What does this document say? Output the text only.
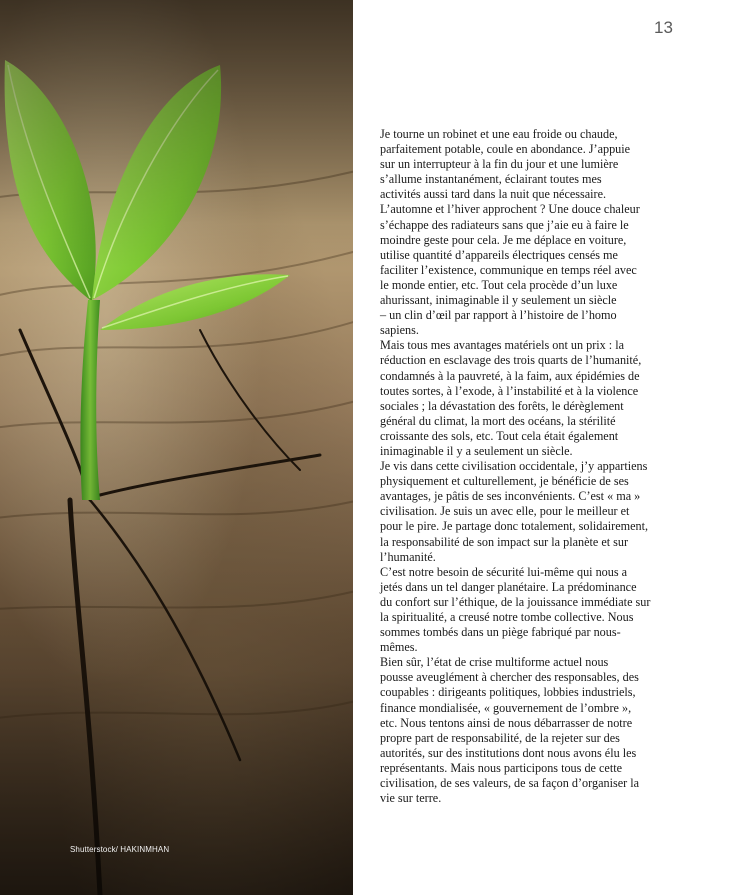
Shutterstock/ HAKINMHAN
13

Je tourne un robinet et une eau froide ou chaude,
parfaitement potable, coule en abondance. J’appuie
sur un interrupteur à la fin du jour et une lumière
s’allume instantanément, éclairant toutes mes
activités aussi tard dans la nuit que nécessaire.
L’automne et l’hiver approchent ? Une douce chaleur
s’échappe des radiateurs sans que j’aie eu à faire le
moindre geste pour cela. Je me déplace en voiture,
utilise quantité d’appareils électriques censés me
faciliter l’existence, communique en temps réel avec
le monde entier, etc. Tout cela procède d’un luxe
ahurissant, inimaginable il y seulement un siècle
– un clin d’œil par rapport à l’histoire de l’homo
sapiens.

Mais tous mes avantages matériels ont un prix : la
réduction en esclavage des trois quarts de l’humanité,
condamnés à la pauvreté, à la faim, aux épidémies de
toutes sortes, à l’exode, à l’instabilité et à la violence
sociales ; la dévastation des forêts, le dérèglement
général du climat, la mort des océans, la stérilité
croissante des sols, etc. Tout cela était également
inimaginable il y a seulement un siècle.

Je vis dans cette civilisation occidentale, j’y appartiens
physiquement et culturellement, je bénéficie de ses
avantages, je pâtis de ses inconvénients. C’est « ma »
civilisation. Je suis un avec elle, pour le meilleur et
pour le pire. Je partage donc totalement, solidairement,
la responsabilité de son impact sur la planète et sur
l’humanité.

C’est notre besoin de sécurité lui-même qui nous a
jetés dans un tel danger planétaire. La prédominance
du confort sur l’éthique, de la jouissance immédiate sur
la spiritualité, a creusé notre tombe collective. Nous
sommes tombés dans un piège fabriqué par nous-
mêmes.

Bien sûr, l’état de crise multiforme actuel nous
pousse aveuglément à chercher des responsables, des
coupables : dirigeants politiques, lobbies industriels,
finance mondialisée, « gouvernement de l’ombre »,
etc. Nous tentons ainsi de nous débarrasser de notre
propre part de responsabilité, de la rejeter sur des
autorités, sur des institutions dont nous avons élu les
représentants. Mais nous participons tous de cette
civilisation, de ses valeurs, de sa façon d’organiser la
vie sur terre.
